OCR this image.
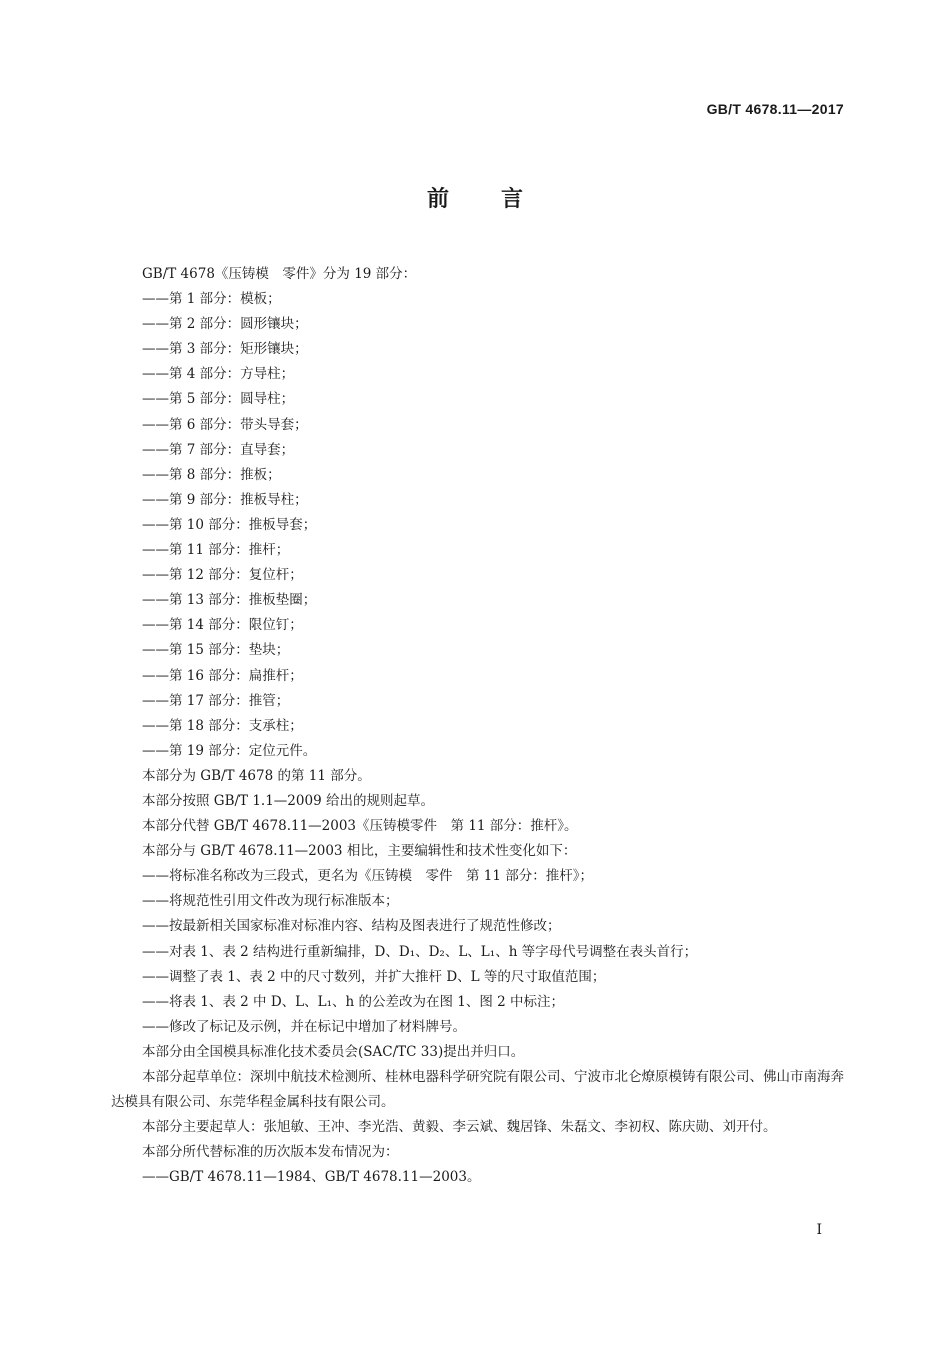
GB/T 4678.11—2017
前言
GB/T 4678《压铸模　零件》分为 19 部分：
——第 1 部分：模板；
——第 2 部分：圆形镶块；
——第 3 部分：矩形镶块；
——第 4 部分：方导柱；
——第 5 部分：圆导柱；
——第 6 部分：带头导套；
——第 7 部分：直导套；
——第 8 部分：推板；
——第 9 部分：推板导柱；
——第 10 部分：推板导套；
——第 11 部分：推杆；
——第 12 部分：复位杆；
——第 13 部分：推板垫圈；
——第 14 部分：限位钉；
——第 15 部分：垫块；
——第 16 部分：扁推杆；
——第 17 部分：推管；
——第 18 部分：支承柱；
——第 19 部分：定位元件。
本部分为 GB/T 4678 的第 11 部分。
本部分按照 GB/T 1.1—2009 给出的规则起草。
本部分代替 GB/T 4678.11—2003《压铸模零件　第 11 部分：推杆》。
本部分与 GB/T 4678.11—2003 相比，主要编辑性和技术性变化如下：
——将标准名称改为三段式，更名为《压铸模　零件　第 11 部分：推杆》；
——将规范性引用文件改为现行标准版本；
——按最新相关国家标准对标准内容、结构及图表进行了规范性修改；
——对表 1、表 2 结构进行重新编排，D、D₁、D₂、L、L₁、h 等字母代号调整在表头首行；
——调整了表 1、表 2 中的尺寸数列，并扩大推杆 D、L 等的尺寸取值范围；
——将表 1、表 2 中 D、L、L₁、h 的公差改为在图 1、图 2 中标注；
——修改了标记及示例，并在标记中增加了材料牌号。
本部分由全国模具标准化技术委员会(SAC/TC 33)提出并归口。
本部分起草单位：深圳中航技术检测所、桂林电器科学研究院有限公司、宁波市北仑燎原模铸有限公司、佛山市南海奔达模具有限公司、东莞华程金属科技有限公司。
本部分主要起草人：张旭敏、王冲、李光浩、黄毅、李云斌、魏居锋、朱磊文、李初权、陈庆勋、刘开付。
本部分所代替标准的历次版本发布情况为：
——GB/T 4678.11—1984、GB/T 4678.11—2003。
I
